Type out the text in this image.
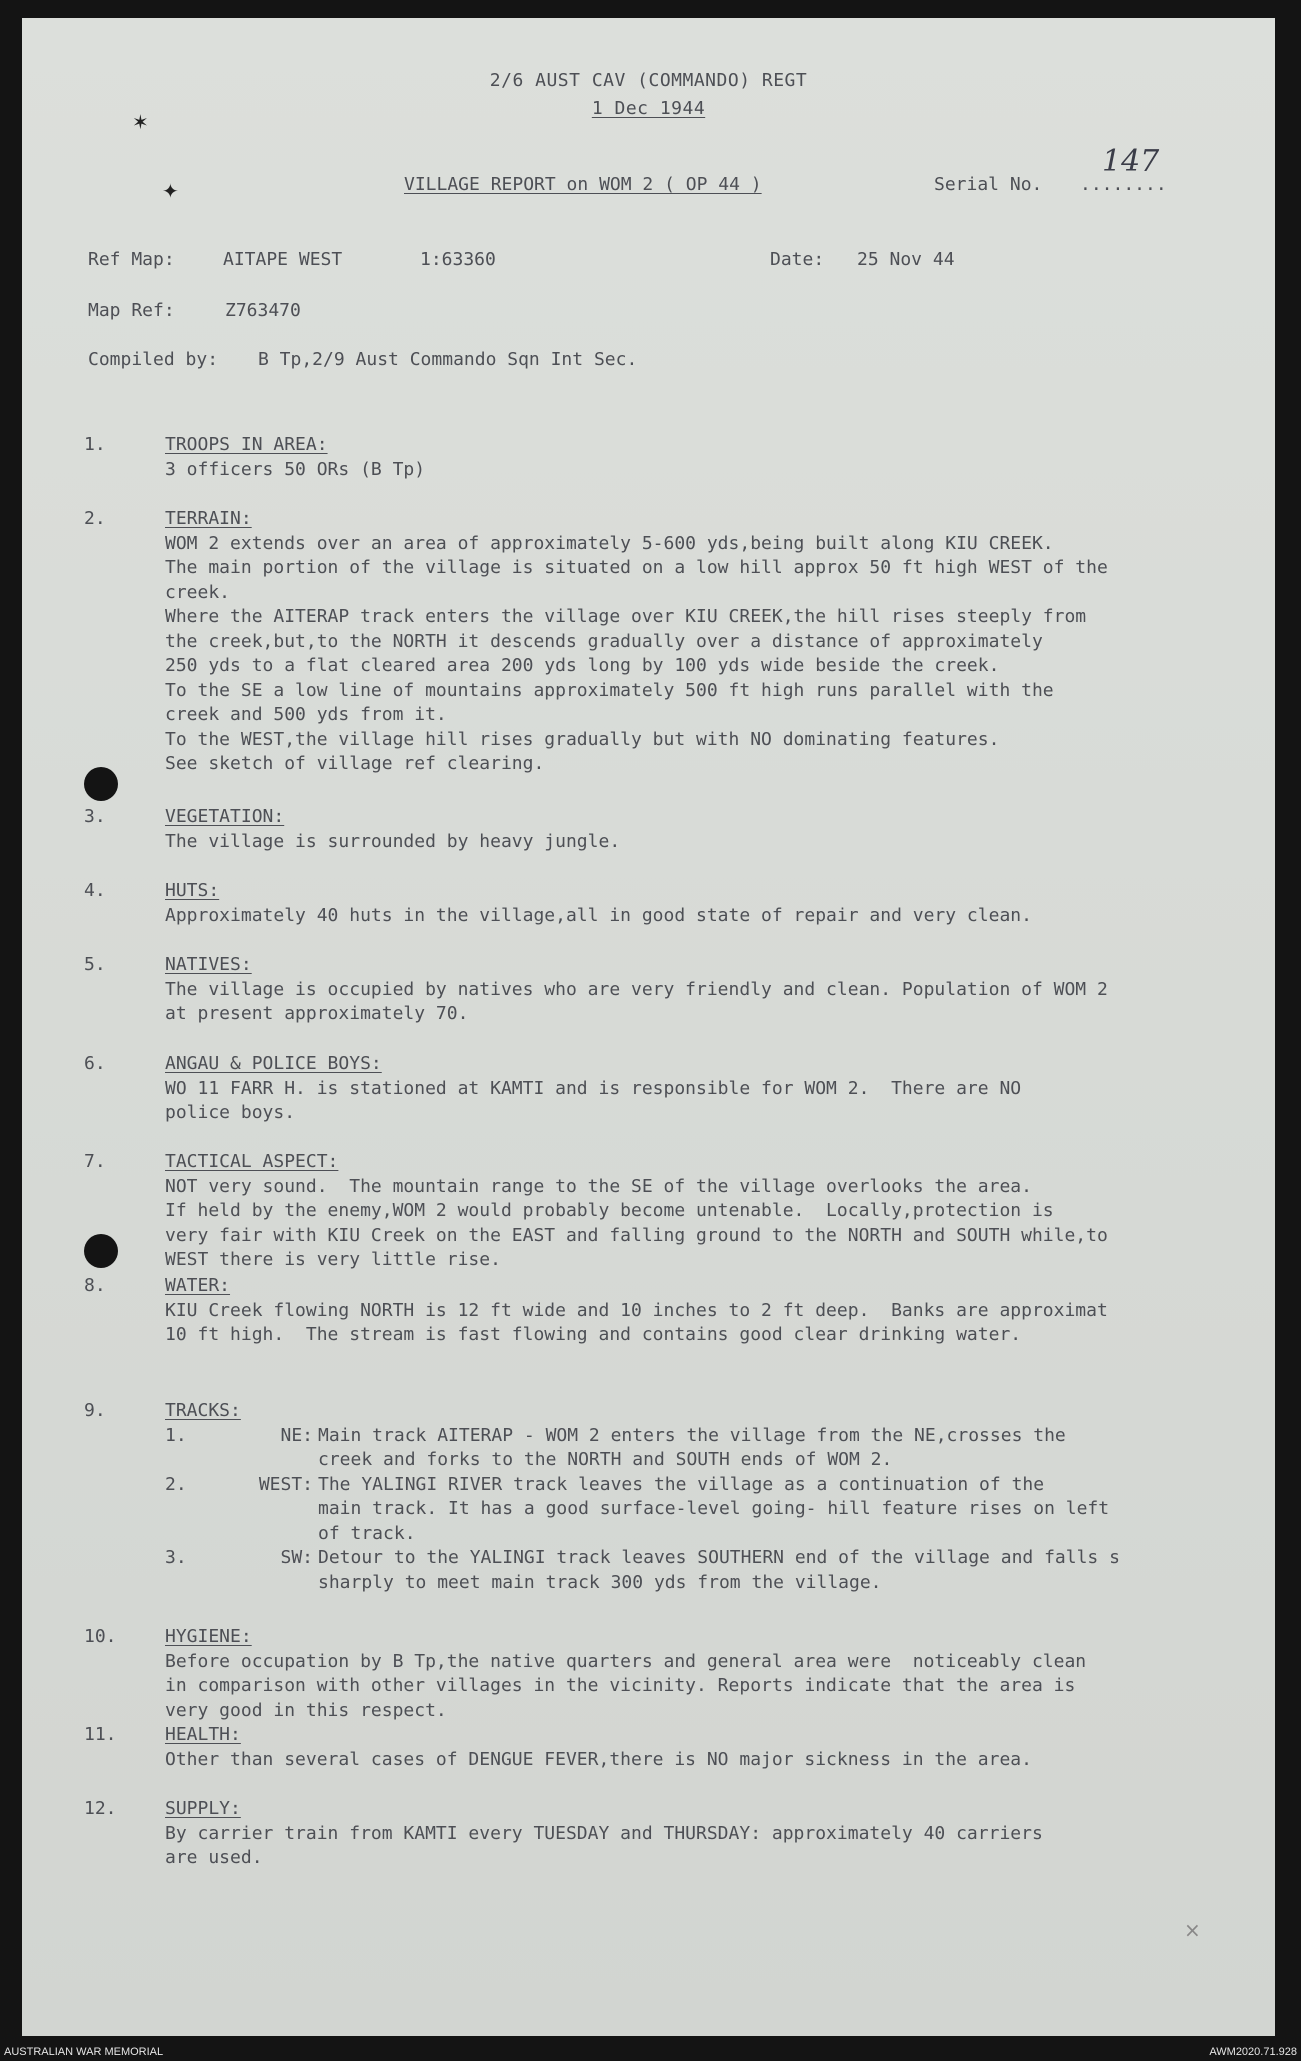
✶
✦
2/6 AUST CAV (COMMANDO) REGT
1 Dec 1944
VILLAGE REPORT on WOM 2 ( OP 44 )	Serial No. ........
147
Ref Map:	AITAPE WEST	1:63360	Date: 25 Nov 44
Map Ref:	Z763470
Compiled by: B Tp,2/9 Aust Commando Sqn Int Sec.
1.	TROOPS IN AREA:
3 officers 50 ORs (B Tp)
2.	TERRAIN:
WOM 2 extends over an area of approximately 5-600 yds,being built along KIU CREEK.
The main portion of the village is situated on a low hill approx 50 ft high WEST of the
creek.
Where the AITERAP track enters the village over KIU CREEK,the hill rises steeply from
the creek,but,to the NORTH it descends gradually over a distance of approximately
250 yds to a flat cleared area 200 yds long by 100 yds wide beside the creek.
To the SE a low line of mountains approximately 500 ft high runs parallel with the
creek and 500 yds from it.
To the WEST,the village hill rises gradually but with NO dominating features.
See sketch of village ref clearing.
3.	VEGETATION:
The village is surrounded by heavy jungle.
4.	HUTS:
Approximately 40 huts in the village,all in good state of repair and very clean.
5.	NATIVES:
The village is occupied by natives who are very friendly and clean. Population of WOM 2
at present approximately 70.
6.	ANGAU & POLICE BOYS:
WO 11 FARR H. is stationed at KAMTI and is responsible for WOM 2.  There are NO
police boys.
7.	TACTICAL ASPECT:
NOT very sound.  The mountain range to the SE of the village overlooks the area.
If held by the enemy,WOM 2 would probably become untenable.  Locally,protection is
very fair with KIU Creek on the EAST and falling ground to the NORTH and SOUTH while,to
WEST there is very little rise.
8.	WATER:
KIU Creek flowing NORTH is 12 ft wide and 10 inches to 2 ft deep.  Banks are approximat
10 ft high.  The stream is fast flowing and contains good clear drinking water.
9.	TRACKS:
1.	NE: Main track AITERAP - WOM 2 enters the village from the NE,crosses the
creek and forks to the NORTH and SOUTH ends of WOM 2.
2.	WEST: The YALINGI RIVER track leaves the village as a continuation of the
main track. It has a good surface-level going- hill feature rises on left
of track.
3.	SW: Detour to the YALINGI track leaves SOUTHERN end of the village and falls s
sharply to meet main track 300 yds from the village.
10.	HYGIENE:
Before occupation by B Tp,the native quarters and general area were  noticeably clean
in comparison with other villages in the vicinity. Reports indicate that the area is
very good in this respect.
11.	HEALTH:
Other than several cases of DENGUE FEVER,there is NO major sickness in the area.
12.	SUPPLY:
By carrier train from KAMTI every TUESDAY and THURSDAY: approximately 40 carriers
are used.
×
AUSTRALIAN WAR MEMORIAL	AWM2020.71.928
